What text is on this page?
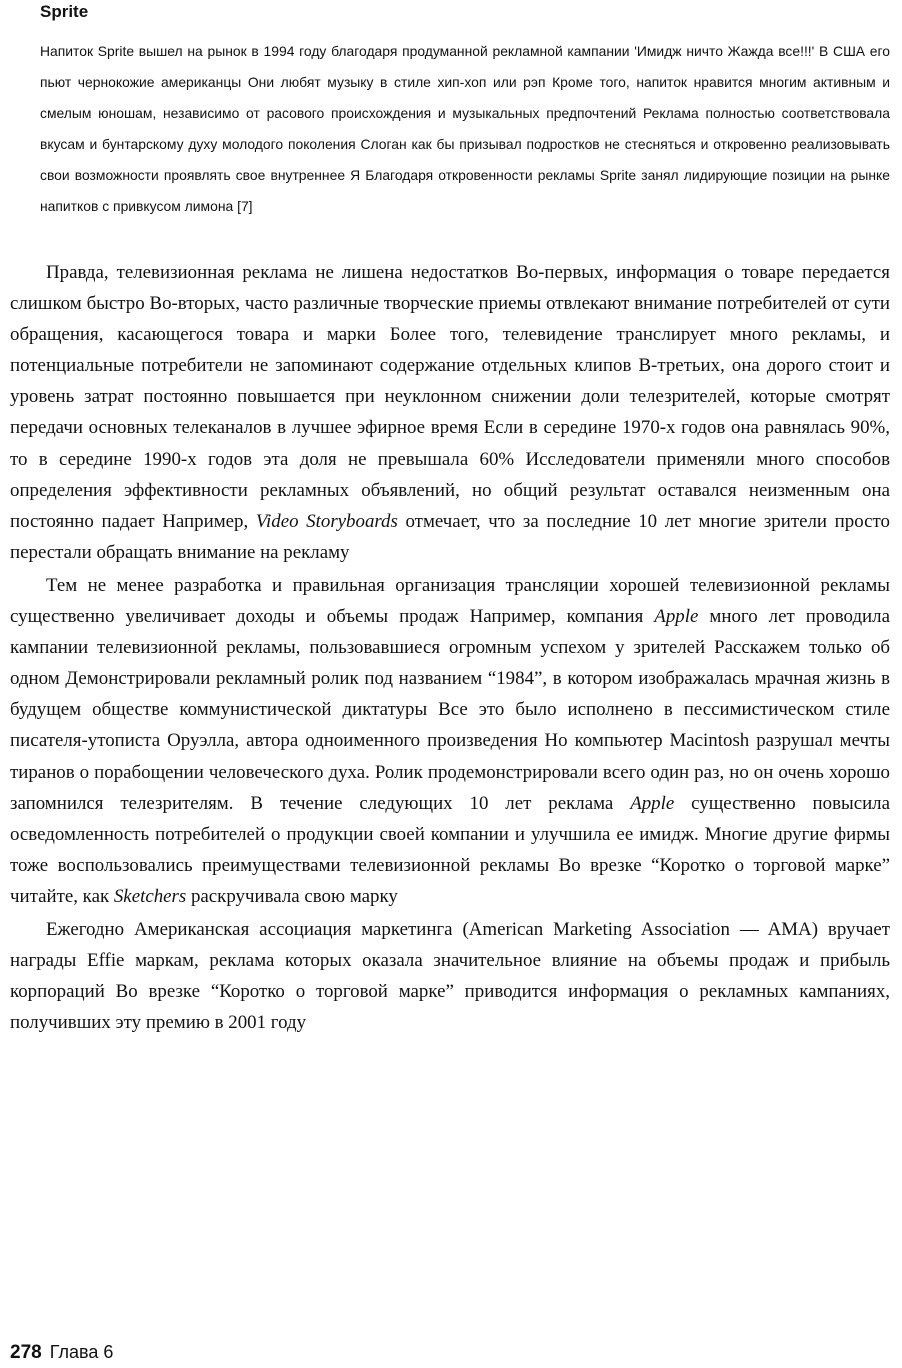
Sprite
Напиток Sprite вышел на рынок в 1994 году благодаря продуманной рекламной кампании 'Имидж ничто Жажда все!!!' В США его пьют чернокожие американцы Они любят музыку в стиле хип-хоп или рэп Кроме того, напиток нравится многим активным и смелым юношам, независимо от расового происхождения и музыкальных предпочтений Реклама полностью соответствовала вкусам и бунтарскому духу молодого поколения Слоган как бы призывал подростков не стесняться и откровенно реализовывать свои возможности проявлять свое внутреннее Я Благодаря откровенности рекламы Sprite занял лидирующие позиции на рынке напитков с привкусом лимона [7]

Правда, телевизионная реклама не лишена недостатков Во-первых, информация о товаре передается слишком быстро Во-вторых, часто различные творческие приемы отвлекают внимание потребителей от сути обращения, касающегося товара и марки Более того, телевидение транслирует много рекламы, и потенциальные потребители не запоминают содержание отдельных клипов В-третьих, она дорого стоит и уровень затрат постоянно повышается при неуклонном снижении доли телезрителей, которые смотрят передачи основных телеканалов в лучшее эфирное время Если в середине 1970-х годов она равнялась 90%, то в середине 1990-х годов эта доля не превышала 60% Исследователи применяли много способов определения эффективности рекламных объявлений, но общий результат оставался неизменным она постоянно падает Например, Video Storyboards отмечает, что за последние 10 лет многие зрители просто перестали обращать внимание на рекламу

Тем не менее разработка и правильная организация трансляции хорошей телевизионной рекламы существенно увеличивает доходы и объемы продаж Например, компания Apple много лет проводила кампании телевизионной рекламы, пользовавшиеся огромным успехом у зрителей Расскажем только об одном Демонстрировали рекламный ролик под названием “1984”, в котором изображалась мрачная жизнь в будущем обществе коммунистической диктатуры Все это было исполнено в пессимистическом стиле писателя-утописта Оруэлла, автора одноименного произведения Но компьютер Macintosh разрушал мечты тиранов о порабощении человеческого духа. Ролик продемонстрировали всего один раз, но он очень хорошо запомнился телезрителям. В течение следующих 10 лет реклама Apple существенно повысила осведомленность потребителей о продукции своей компании и улучшила ее имидж. Многие другие фирмы тоже воспользовались преимуществами телевизионной рекламы Во врезке “Коротко о торговой марке” читайте, как Sketchers раскручивала свою марку

Ежегодно Американская ассоциация маркетинга (American Marketing Association — AMA) вручает награды Effie маркам, реклама которых оказала значительное влияние на объемы продаж и прибыль корпораций Во врезке “Коротко о торговой марке” приводится информация о рекламных кампаниях, получивших эту премию в 2001 году

278 Глава 6
